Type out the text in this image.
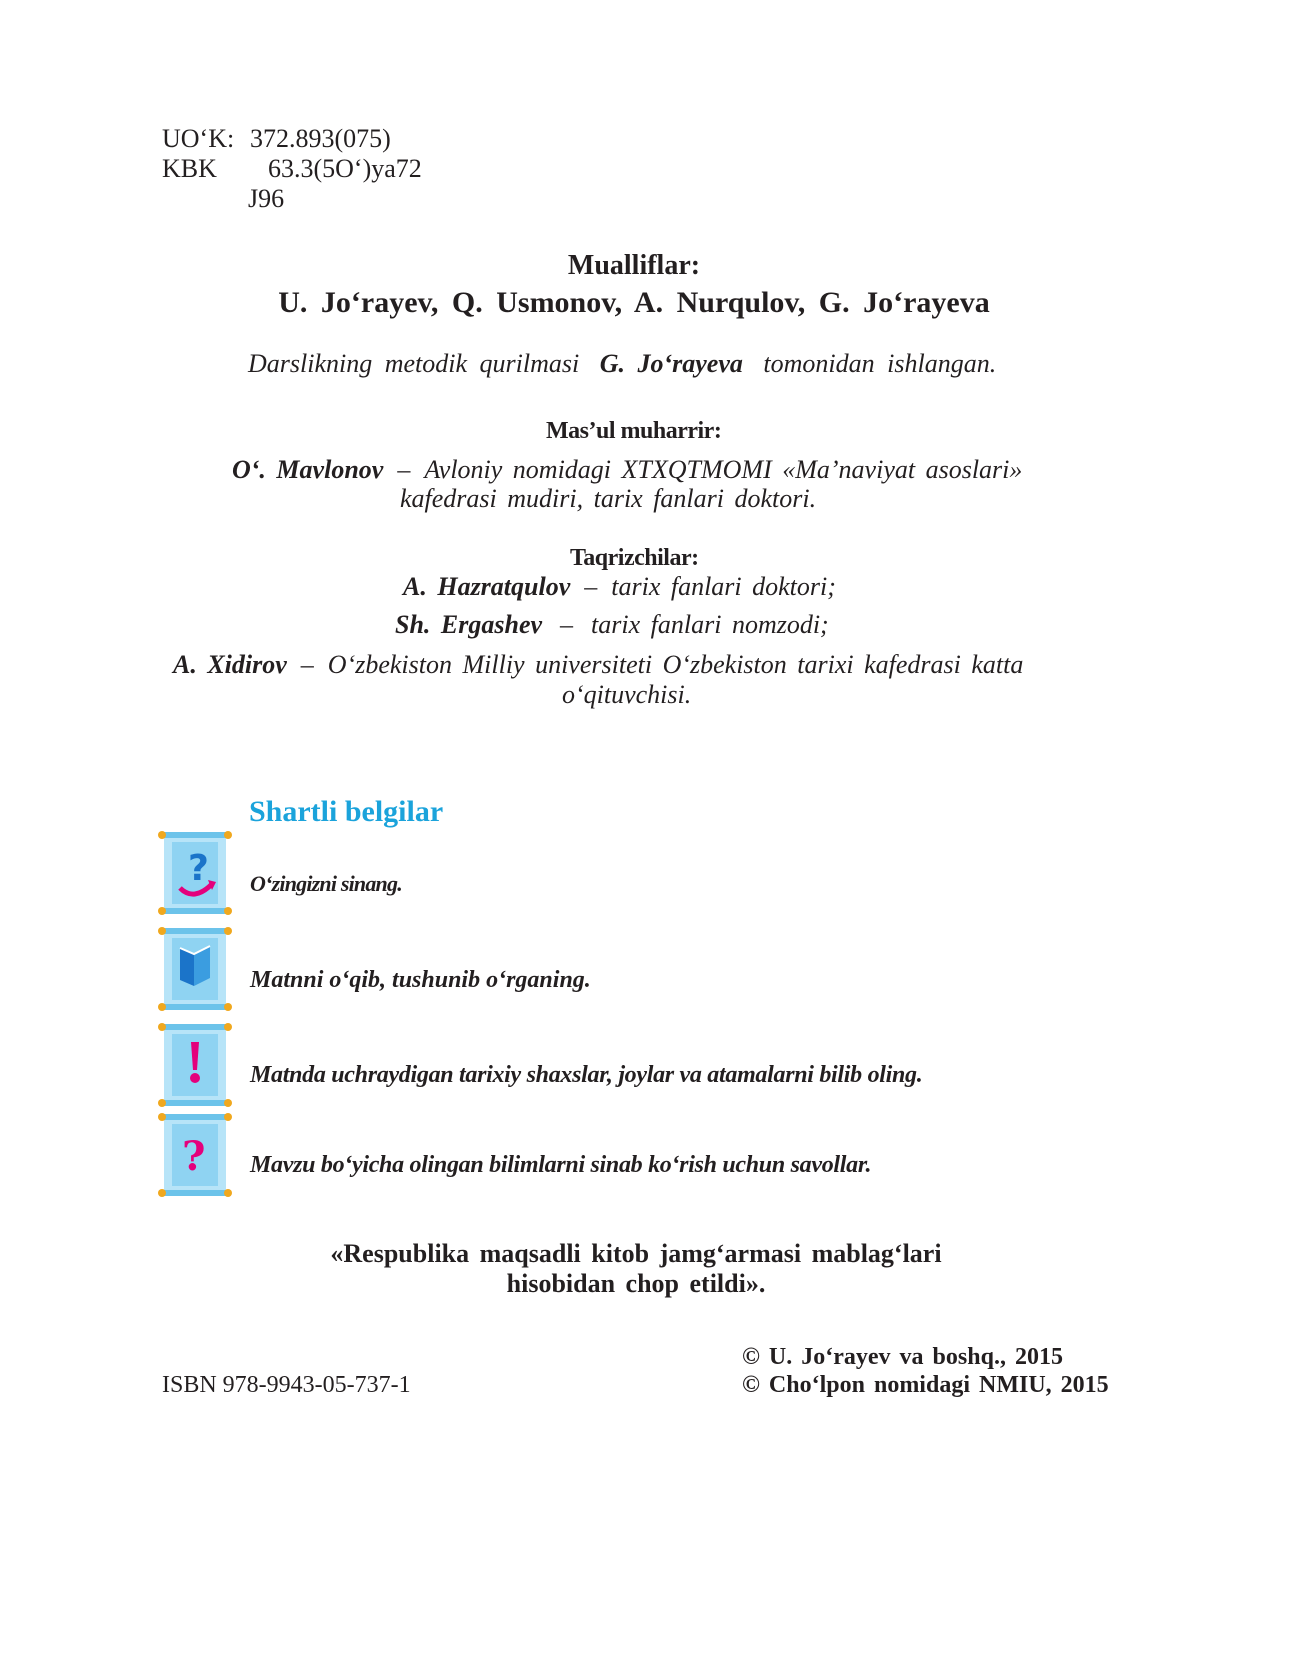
UO‘K: 372.893(075)
KBK 63.3(5O‘)ya72
J96
Mualliflar:
U. Jo‘rayev, Q. Usmonov, A. Nurqulov, G. Jo‘rayeva
Darslikning metodik qurilmasi G. Jo‘rayeva tomonidan ishlangan.
Mas’ul muharrir:
O‘. Mavlonov – Avloniy nomidagi XTXQTMOMI «Ma’naviyat asoslari»
kafedrasi mudiri, tarix fanlari doktori.
Taqrizchilar:
A. Hazratqulov – tarix fanlari doktori;
Sh. Ergashev – tarix fanlari nomzodi;
A. Xidirov – O‘zbekiston Milliy universiteti O‘zbekiston tarixi kafedrasi katta
o‘qituvchisi.
Shartli belgilar
? O‘zingizni sinang.
Matnni o‘qib, tushunib o‘rganing.
Matnda uchraydigan tarixiy shaxslar, joylar va atamalarni bilib oling.
? Mavzu bo‘yicha olingan bilimlarni sinab ko‘rish uchun savollar.
«Respublika maqsadli kitob jamg‘armasi mablag‘lari
hisobidan chop etildi».
ISBN 978-9943-05-737-1
© U. Jo‘rayev va boshq., 2015
© Cho‘lpon nomidagi NMIU, 2015
